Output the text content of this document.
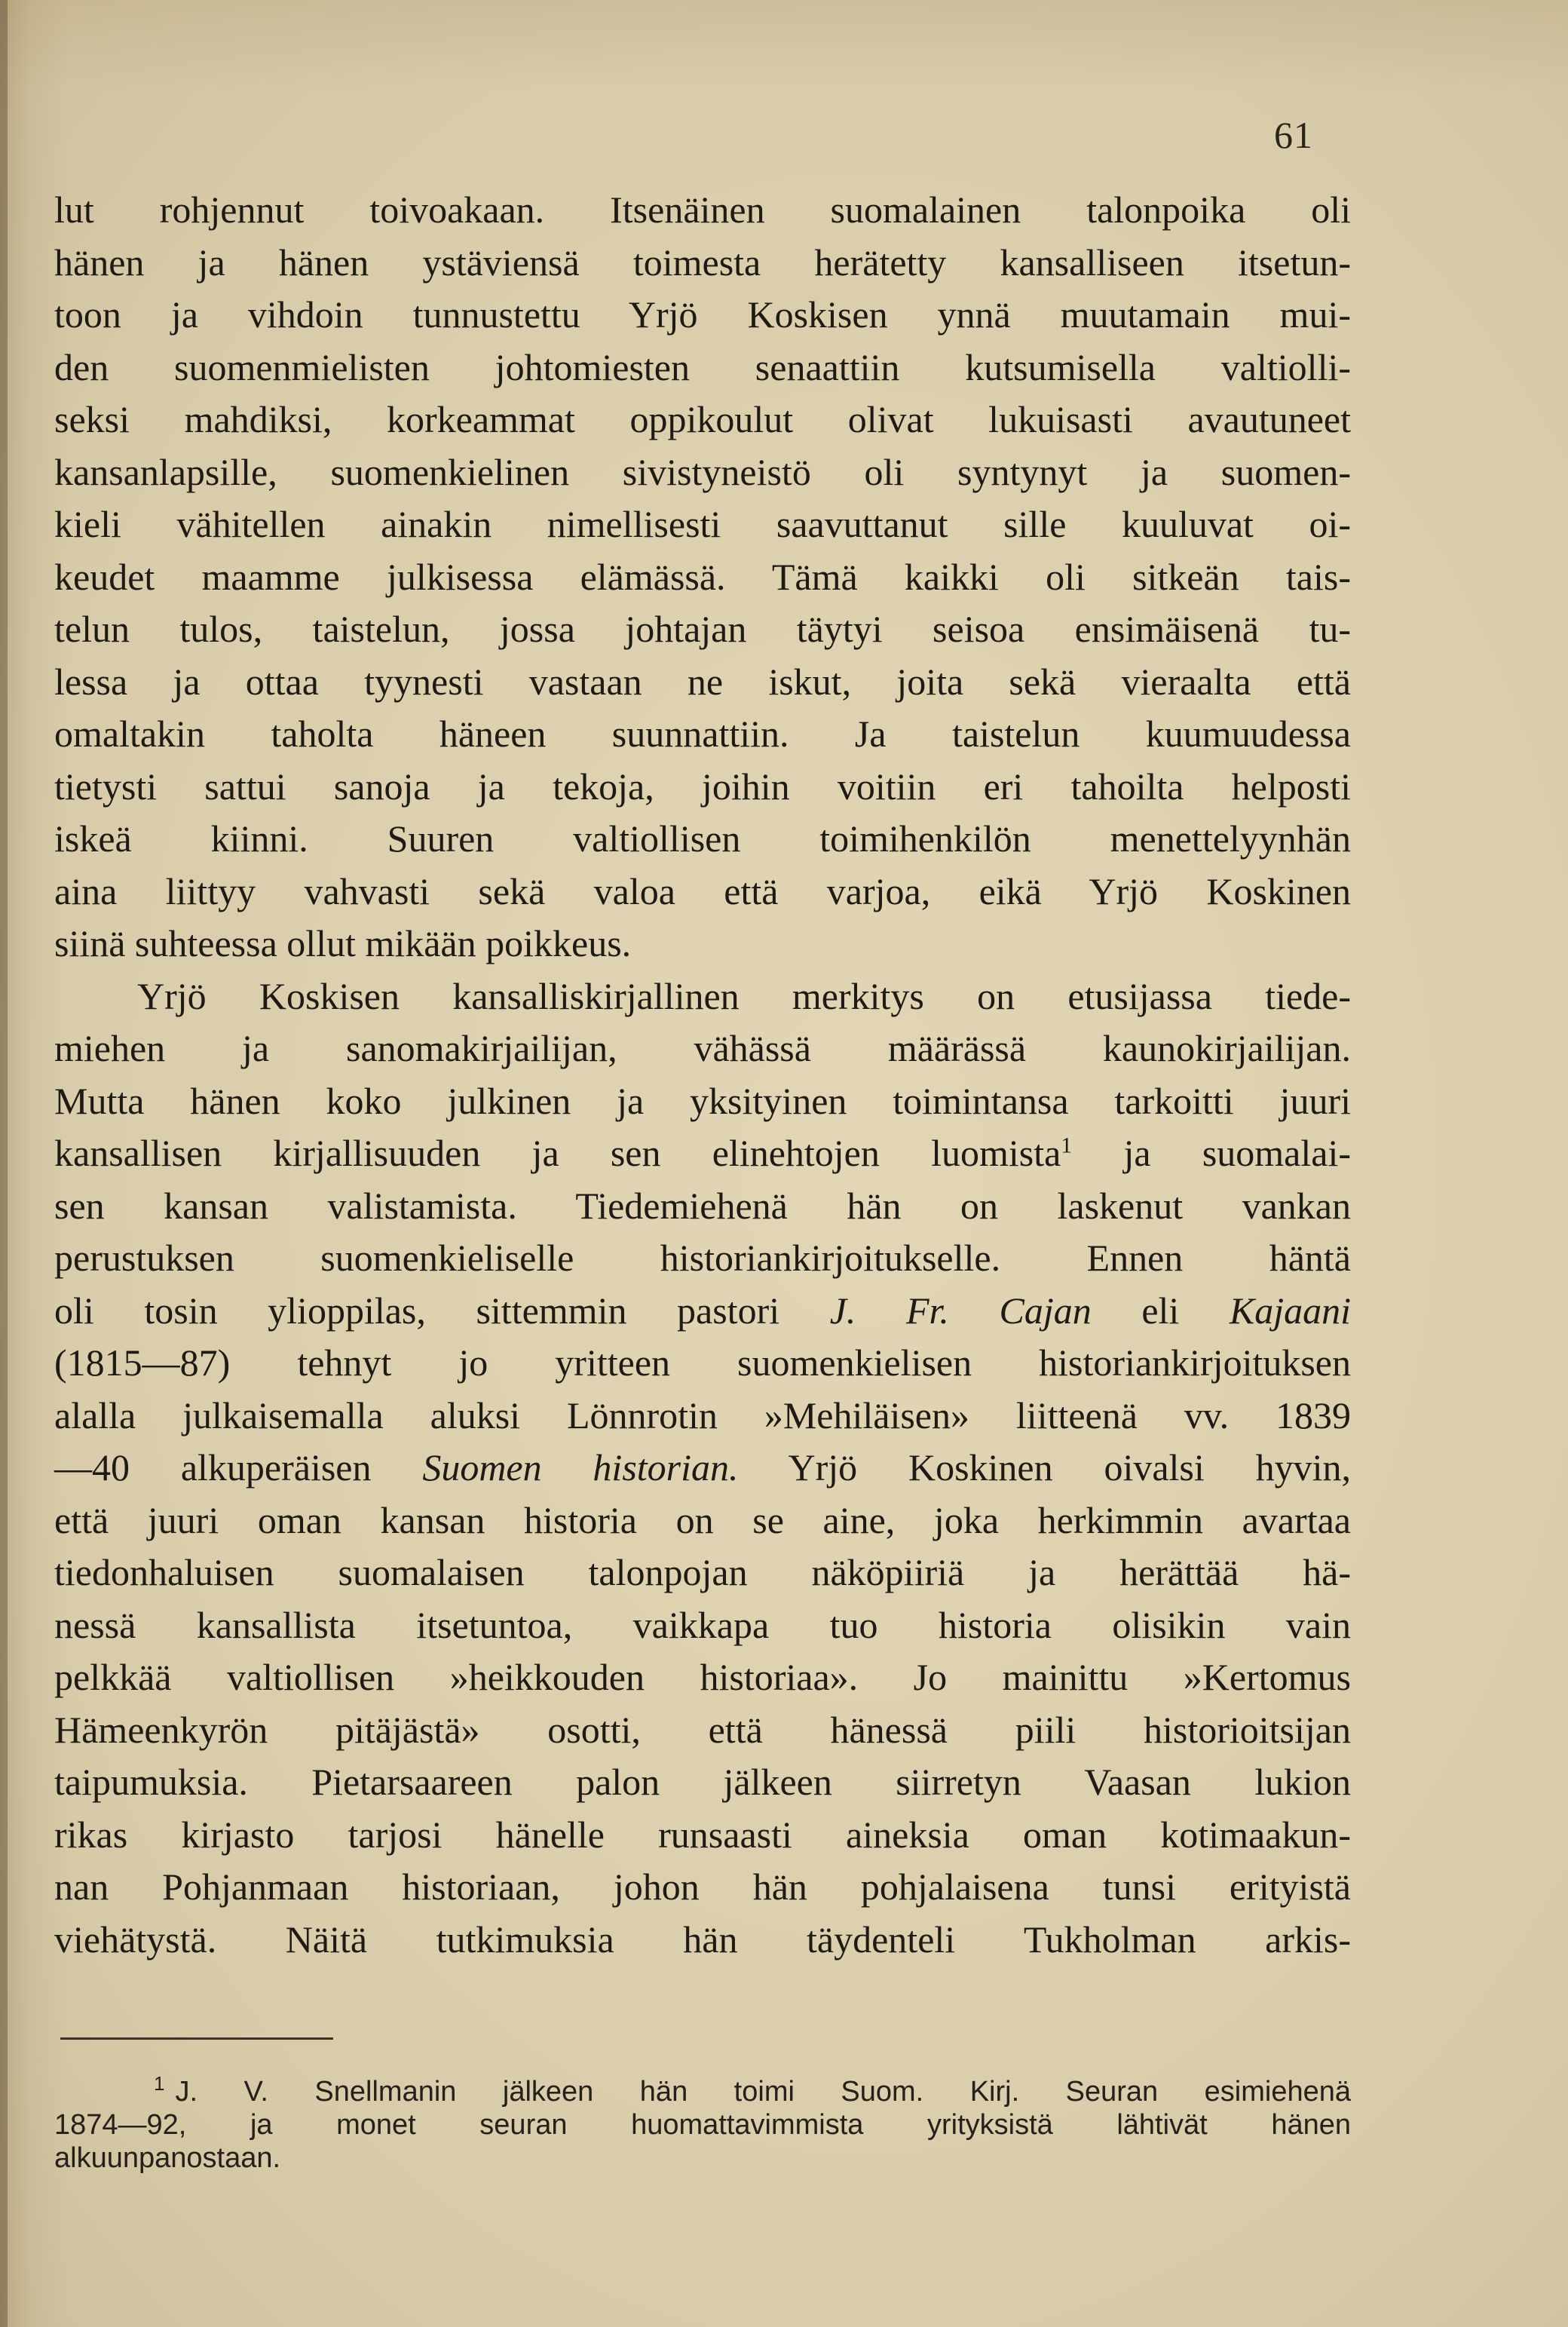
61
lut rohjennut toivoakaan. Itsenäinen suomalainen talonpoika oli
hänen ja hänen ystäviensä toimesta herätetty kansalliseen itsetun-
toon ja vihdoin tunnustettu Yrjö Koskisen ynnä muutamain mui-
den suomenmielisten johtomiesten senaattiin kutsumisella valtiolli-
seksi mahdiksi, korkeammat oppikoulut olivat lukuisasti avautuneet
kansanlapsille, suomenkielinen sivistyneistö oli syntynyt ja suomen-
kieli vähitellen ainakin nimellisesti saavuttanut sille kuuluvat oi-
keudet maamme julkisessa elämässä. Tämä kaikki oli sitkeän tais-
telun tulos, taistelun, jossa johtajan täytyi seisoa ensimäisenä tu-
lessa ja ottaa tyynesti vastaan ne iskut, joita sekä vieraalta että
omaltakin taholta häneen suunnattiin. Ja taistelun kuumuudessa
tietysti sattui sanoja ja tekoja, joihin voitiin eri tahoilta helposti
iskeä kiinni. Suuren valtiollisen toimihenkilön menettelyynhän
aina liittyy vahvasti sekä valoa että varjoa, eikä Yrjö Koskinen
siinä suhteessa ollut mikään poikkeus.
Yrjö Koskisen kansalliskirjallinen merkitys on etusijassa tiede-
miehen ja sanomakirjailijan, vähässä määrässä kaunokirjailijan.
Mutta hänen koko julkinen ja yksityinen toimintansa tarkoitti juuri
kansallisen kirjallisuuden ja sen elinehtojen luomista$^1$ ja suomalai-
sen kansan valistamista. Tiedemiehenä hän on laskenut vankan
perustuksen suomenkieliselle historiankirjoitukselle. Ennen häntä
oli tosin ylioppilas, sittemmin pastori J. Fr. Cajan eli Kajaani
(1815—87) tehnyt jo yritteen suomenkielisen historiankirjoituksen
alalla julkaisemalla aluksi Lönnrotin »Mehiläisen» liitteenä vv. 1839
—40 alkuperäisen Suomen historian. Yrjö Koskinen oivalsi hyvin,
että juuri oman kansan historia on se aine, joka herkimmin avartaa
tiedonhaluisen suomalaisen talonpojan näköpiiriä ja herättää hä-
nessä kansallista itsetuntoa, vaikkapa tuo historia olisikin vain
pelkkää valtiollisen »heikkouden historiaa». Jo mainittu »Kertomus
Hämeenkyrön pitäjästä» osotti, että hänessä piili historioitsijan
taipumuksia. Pietarsaareen palon jälkeen siirretyn Vaasan lukion
rikas kirjasto tarjosi hänelle runsaasti aineksia oman kotimaakun-
nan Pohjanmaan historiaan, johon hän pohjalaisena tunsi erityistä
viehätystä. Näitä tutkimuksia hän täydenteli Tukholman arkis-
$^1$ J. V. Snellmanin jälkeen hän toimi Suom. Kirj. Seuran esimiehenä
1874—92, ja monet seuran huomattavimmista yrityksistä lähtivät hänen
alkuunpanostaan.
